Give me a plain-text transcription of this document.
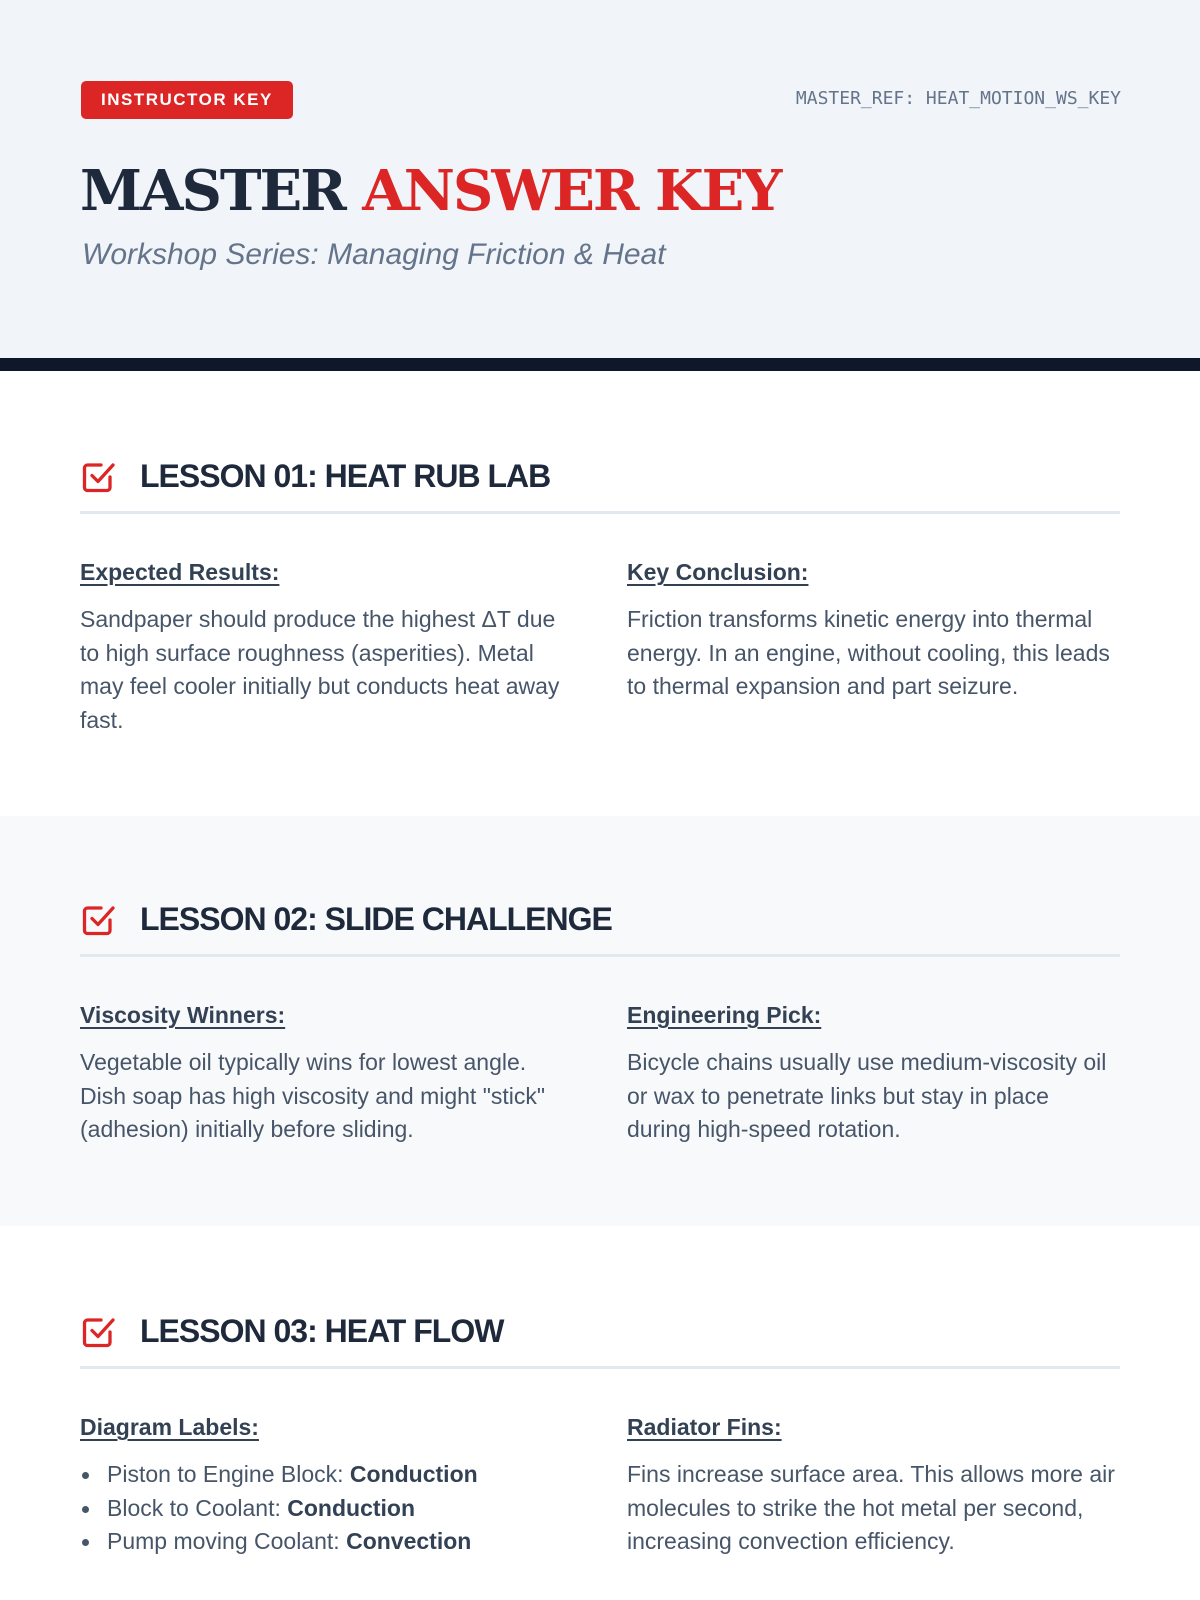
INSTRUCTOR KEY	MASTER_REF: HEAT_MOTION_WS_KEY
MASTER ANSWER KEY
Workshop Series: Managing Friction & Heat
LESSON 01: HEAT RUB LAB
Expected Results:
Sandpaper should produce the highest ΔT due to high surface roughness (asperities). Metal may feel cooler initially but conducts heat away fast.
Key Conclusion:
Friction transforms kinetic energy into thermal energy. In an engine, without cooling, this leads to thermal expansion and part seizure.
LESSON 02: SLIDE CHALLENGE
Viscosity Winners:
Vegetable oil typically wins for lowest angle. Dish soap has high viscosity and might "stick" (adhesion) initially before sliding.
Engineering Pick:
Bicycle chains usually use medium-viscosity oil or wax to penetrate links but stay in place during high-speed rotation.
LESSON 03: HEAT FLOW
Diagram Labels:
Piston to Engine Block: Conduction
Block to Coolant: Conduction
Pump moving Coolant: Convection
Radiator Fins:
Fins increase surface area. This allows more air molecules to strike the hot metal per second, increasing convection efficiency.
